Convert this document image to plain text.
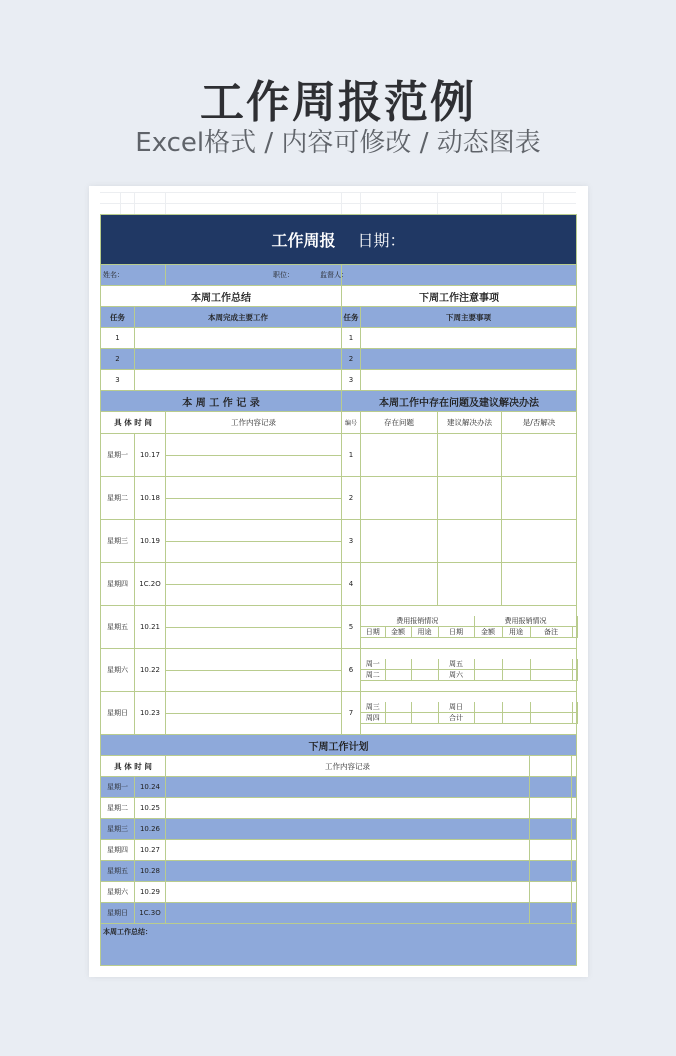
工作周报范例
Excel格式 / 内容可修改 / 动态图表
工作周报 日期：
姓名：	职位：	监督人：
本周工作总结	下周工作注意事项
任务	本周完成主要工作	任务	下周主要事项
1		1	
2		2	
3		3	
本 周 工 作 记 录	本周工作中存在问题及建议解决办法
具 体 时 间	工作内容记录	编号	存在问题	建议解决办法	是/否解决
星期一	10.17		1			
星期二	10.18		2			
星期三	10.19		3			
星期四	1C.2O		4			
星期五	10.21		5	
费用报销情况	费用报销情况
日期	金额	用途	日期	金额	用途	备注	

星期六	10.22		6	
周一			周五				
周二			周六				

星期日	10.23		7	
周三			周日				
周四			合计				

下周工作计划
具 体 时 间	工作内容记录		
星期一	10.24			
星期二	10.25			
星期三	10.26			
星期四	10.27			
星期五	10.28			
星期六	10.29			
星期日	1C.3O			
本周工作总结：
